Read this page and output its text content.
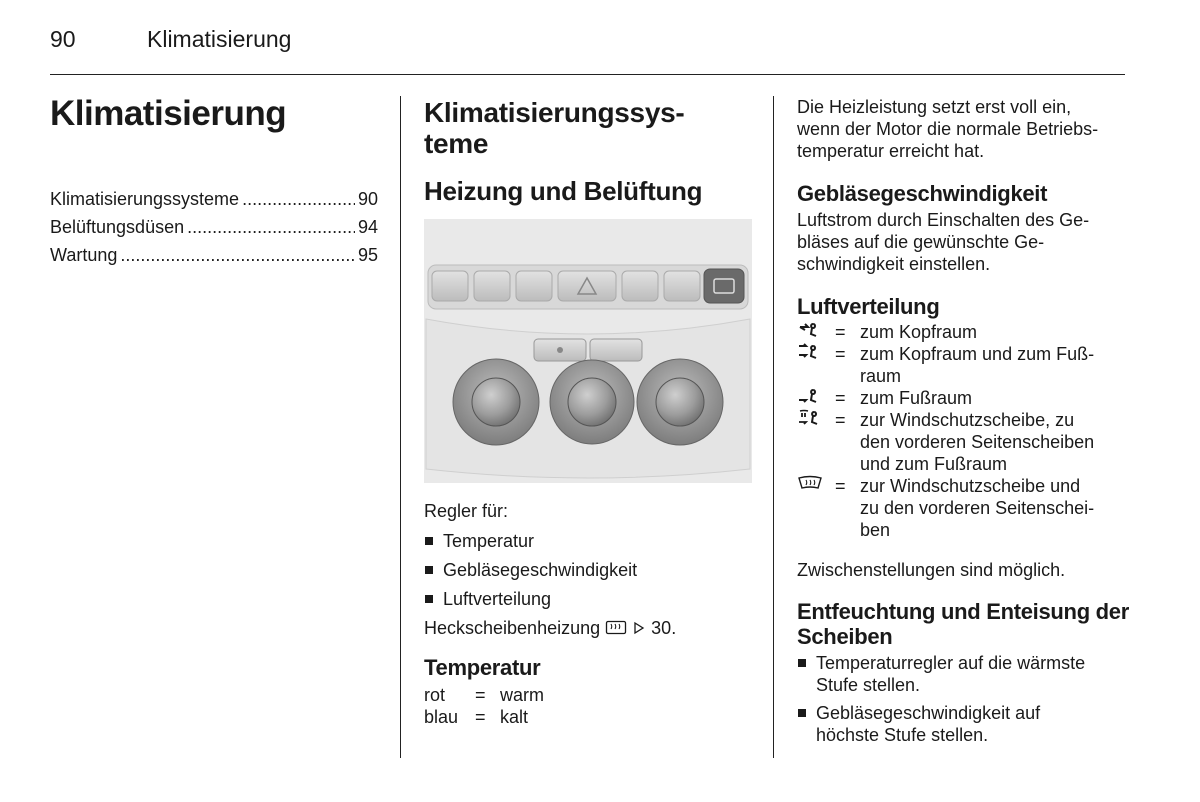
90	Klimatisierung
Klimatisierung
Klimatisierungssysteme .....	90
Belüftungsdüsen .....	94
Wartung .....	95
Klimatisierungssys-
teme
Heizung und Belüftung

Regler für:

Temperatur
Gebläsegeschwindigkeit
Luftverteilung

Heckscheibenheizung	30.

Temperatur
rot	= warm
blau = kalt

Die Heizleistung setzt erst voll ein,
wenn der Motor die normale Betriebs-
temperatur erreicht hat.

Gebläsegeschwindigkeit

Luftstrom durch Einschalten des Ge-
bläses auf die gewünschte Ge-
schwindigkeit einstellen.

Luftverteilung
= zum Kopfraum
= zum Kopfraum und zum Fuß-
raum
= zum Fußraum
= zur Windschutzscheibe, zu
den vorderen Seitenscheiben
und zum Fußraum
= zur Windschutzscheibe und
zu den vorderen Seitenschei-
ben

Zwischenstellungen sind möglich.

Entfeuchtung und Enteisung der
Scheiben
Temperaturregler auf die wärmste
Stufe stellen.
Gebläsegeschwindigkeit auf
höchste Stufe stellen.
